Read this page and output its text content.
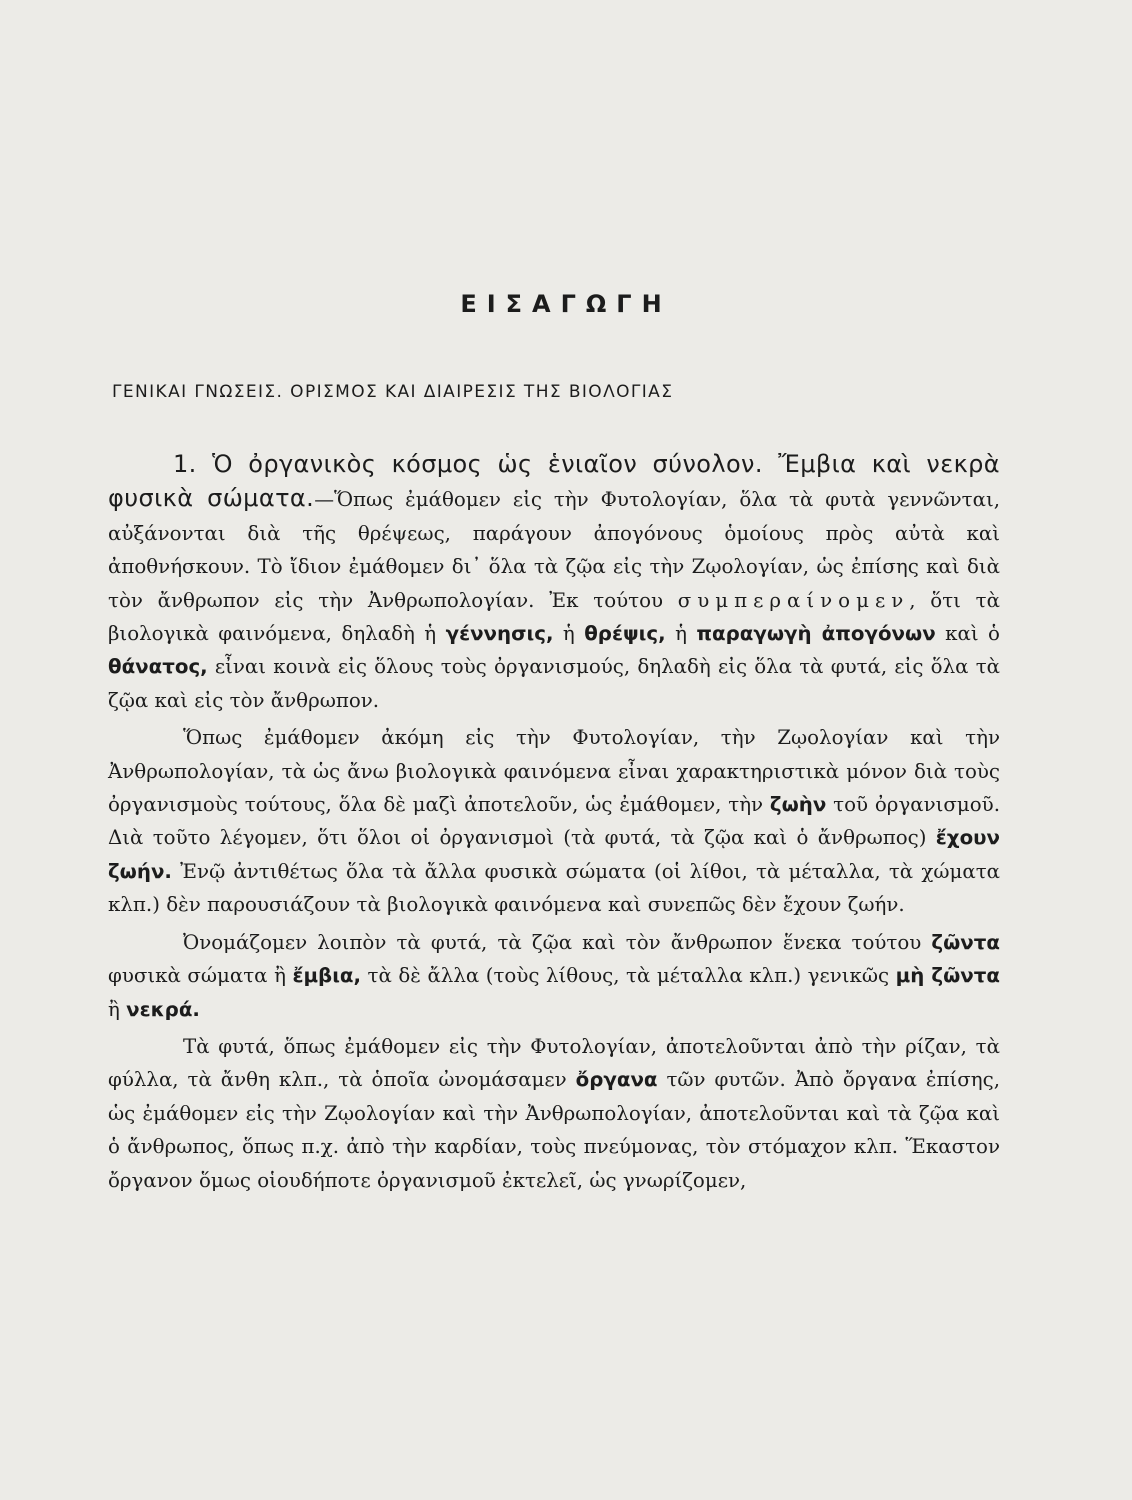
ΕΙΣΑΓΩΓΗ
ΓΕΝΙΚΑΙ ΓΝΩΣΕΙΣ. ΟΡΙΣΜΟΣ ΚΑΙ ΔΙΑΙΡΕΣΙΣ ΤΗΣ ΒΙΟΛΟΓΙΑΣ

1. Ὁ ὀργανικὸς κόσμος ὡς ἑνιαῖον σύνολον. Ἔμβια καὶ νεκρὰ φυσικὰ σώματα.—Ὅπως ἐμάθομεν εἰς τὴν Φυτολογίαν, ὅλα τὰ φυτὰ γεννῶνται, αὐξάνονται διὰ τῆς θρέψεως, παράγουν ἀπογόνους ὁμοίους πρὸς αὐτὰ καὶ ἀποθνήσκουν. Τὸ ἴδιον ἐμάθομεν δι᾽ ὅλα τὰ ζῷα εἰς τὴν Ζῳολογίαν, ὡς ἐπίσης καὶ διὰ τὸν ἄνθρωπον εἰς τὴν Ἀνθρωπολογίαν. Ἐκ τούτου συμπεραίνομεν, ὅτι τὰ βιολογικὰ φαινόμενα, δηλαδὴ ἡ γέννησις, ἡ θρέψις, ἡ παραγωγὴ ἀπογόνων καὶ ὁ θάνατος, εἶναι κοινὰ εἰς ὅλους τοὺς ὀργανισμούς, δηλαδὴ εἰς ὅλα τὰ φυτά, εἰς ὅλα τὰ ζῷα καὶ εἰς τὸν ἄνθρωπον.

Ὅπως ἐμάθομεν ἀκόμη εἰς τὴν Φυτολογίαν, τὴν Ζῳολογίαν καὶ τὴν Ἀνθρωπολογίαν, τὰ ὡς ἄνω βιολογικὰ φαινόμενα εἶναι χαρακτηριστικὰ μόνον διὰ τοὺς ὀργανισμοὺς τούτους, ὅλα δὲ μαζὶ ἀποτελοῦν, ὡς ἐμάθομεν, τὴν ζωὴν τοῦ ὀργανισμοῦ. Διὰ τοῦτο λέγομεν, ὅτι ὅλοι οἱ ὀργανισμοὶ (τὰ φυτά, τὰ ζῷα καὶ ὁ ἄνθρωπος) ἔχουν ζωήν. Ἐνῷ ἀντιθέτως ὅλα τὰ ἄλλα φυσικὰ σώματα (οἱ λίθοι, τὰ μέταλλα, τὰ χώματα κλπ.) δὲν παρουσιάζουν τὰ βιολογικὰ φαινόμενα καὶ συνεπῶς δὲν ἔχουν ζωήν.

Ὀνομάζομεν λοιπὸν τὰ φυτά, τὰ ζῷα καὶ τὸν ἄνθρωπον ἕνεκα τούτου ζῶντα φυσικὰ σώματα ἢ ἔμβια, τὰ δὲ ἄλλα (τοὺς λίθους, τὰ μέταλλα κλπ.) γενικῶς μὴ ζῶντα ἢ νεκρά.

Τὰ φυτά, ὅπως ἐμάθομεν εἰς τὴν Φυτολογίαν, ἀποτελοῦνται ἀπὸ τὴν ρίζαν, τὰ φύλλα, τὰ ἄνθη κλπ., τὰ ὁποῖα ὠνομάσαμεν ὄργανα τῶν φυτῶν. Ἀπὸ ὄργανα ἐπίσης, ὡς ἐμάθομεν εἰς τὴν Ζῳολογίαν καὶ τὴν Ἀνθρωπολογίαν, ἀποτελοῦνται καὶ τὰ ζῷα καὶ ὁ ἄνθρωπος, ὅπως π.χ. ἀπὸ τὴν καρδίαν, τοὺς πνεύμονας, τὸν στόμαχον κλπ. Ἕκαστον ὄργανον ὅμως οἱουδήποτε ὀργανισμοῦ ἐκτελεῖ, ὡς γνωρίζομεν,
